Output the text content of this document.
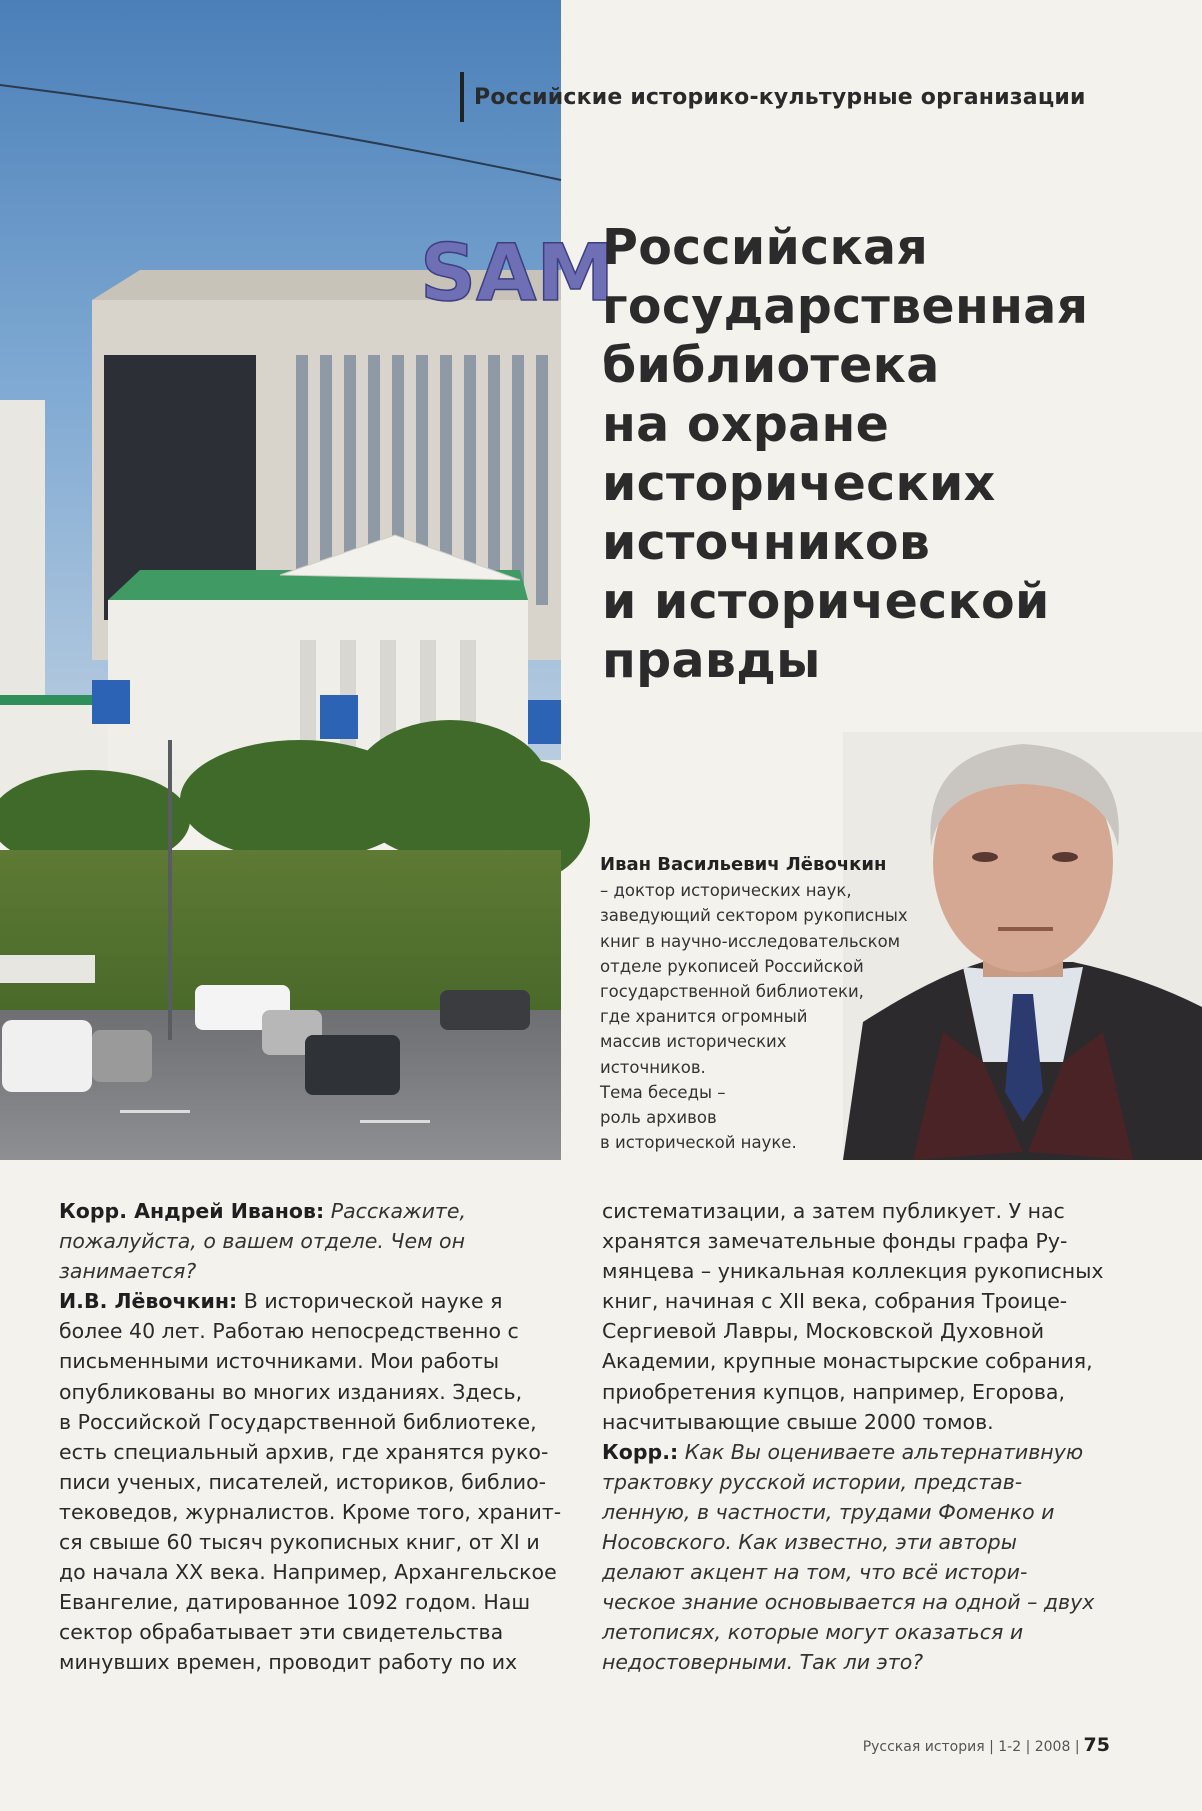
SAM
Российские историко-культурные организации
Российская
государственная
библиотека
на охране
исторических
источников
и исторической
правды
Иван Васильевич Лёвочкин

– доктор исторических наук,
заведующий сектором рукописных
книг в научно-исследовательском
отделе рукописей Российской
государственной библиотеки,
где хранится огромный
массив исторических
источников.
Тема беседы –
роль архивов
в исторической науке.

Корр. Андрей Иванов: Расскажите,
пожалуйста, о вашем отделе. Чем он
занимается?
И.В. Лёвочкин: В исторической науке я
более 40 лет. Работаю непосредственно с
письменными источниками. Мои работы
опубликованы во многих изданиях. Здесь,
в Российской Государственной библиотеке,
есть специальный архив, где хранятся руко-
писи ученых, писателей, историков, библио-
тековедов, журналистов. Кроме того, хранит-
ся свыше 60 тысяч рукописных книг, от XI и
до начала XX века. Например, Архангельское
Евангелие, датированное 1092 годом. Наш
сектор обрабатывает эти свидетельства
минувших времен, проводит работу по их
систематизации, а затем публикует. У нас
хранятся замечательные фонды графа Ру-
мянцева – уникальная коллекция рукописных
книг, начиная с XII века, собрания Троице-
Сергиевой Лавры, Московской Духовной
Академии, крупные монастырские собрания,
приобретения купцов, например, Егорова,
насчитывающие свыше 2000 томов.
Корр.: Как Вы оцениваете альтернативную
трактовку русской истории, представ-
ленную, в частности, трудами Фоменко и
Носовского. Как известно, эти авторы
делают акцент на том, что всё истори-
ческое знание основывается на одной – двух
летописях, которые могут оказаться и
недостоверными. Так ли это?
Русская история | 1-2 | 2008 | 75
